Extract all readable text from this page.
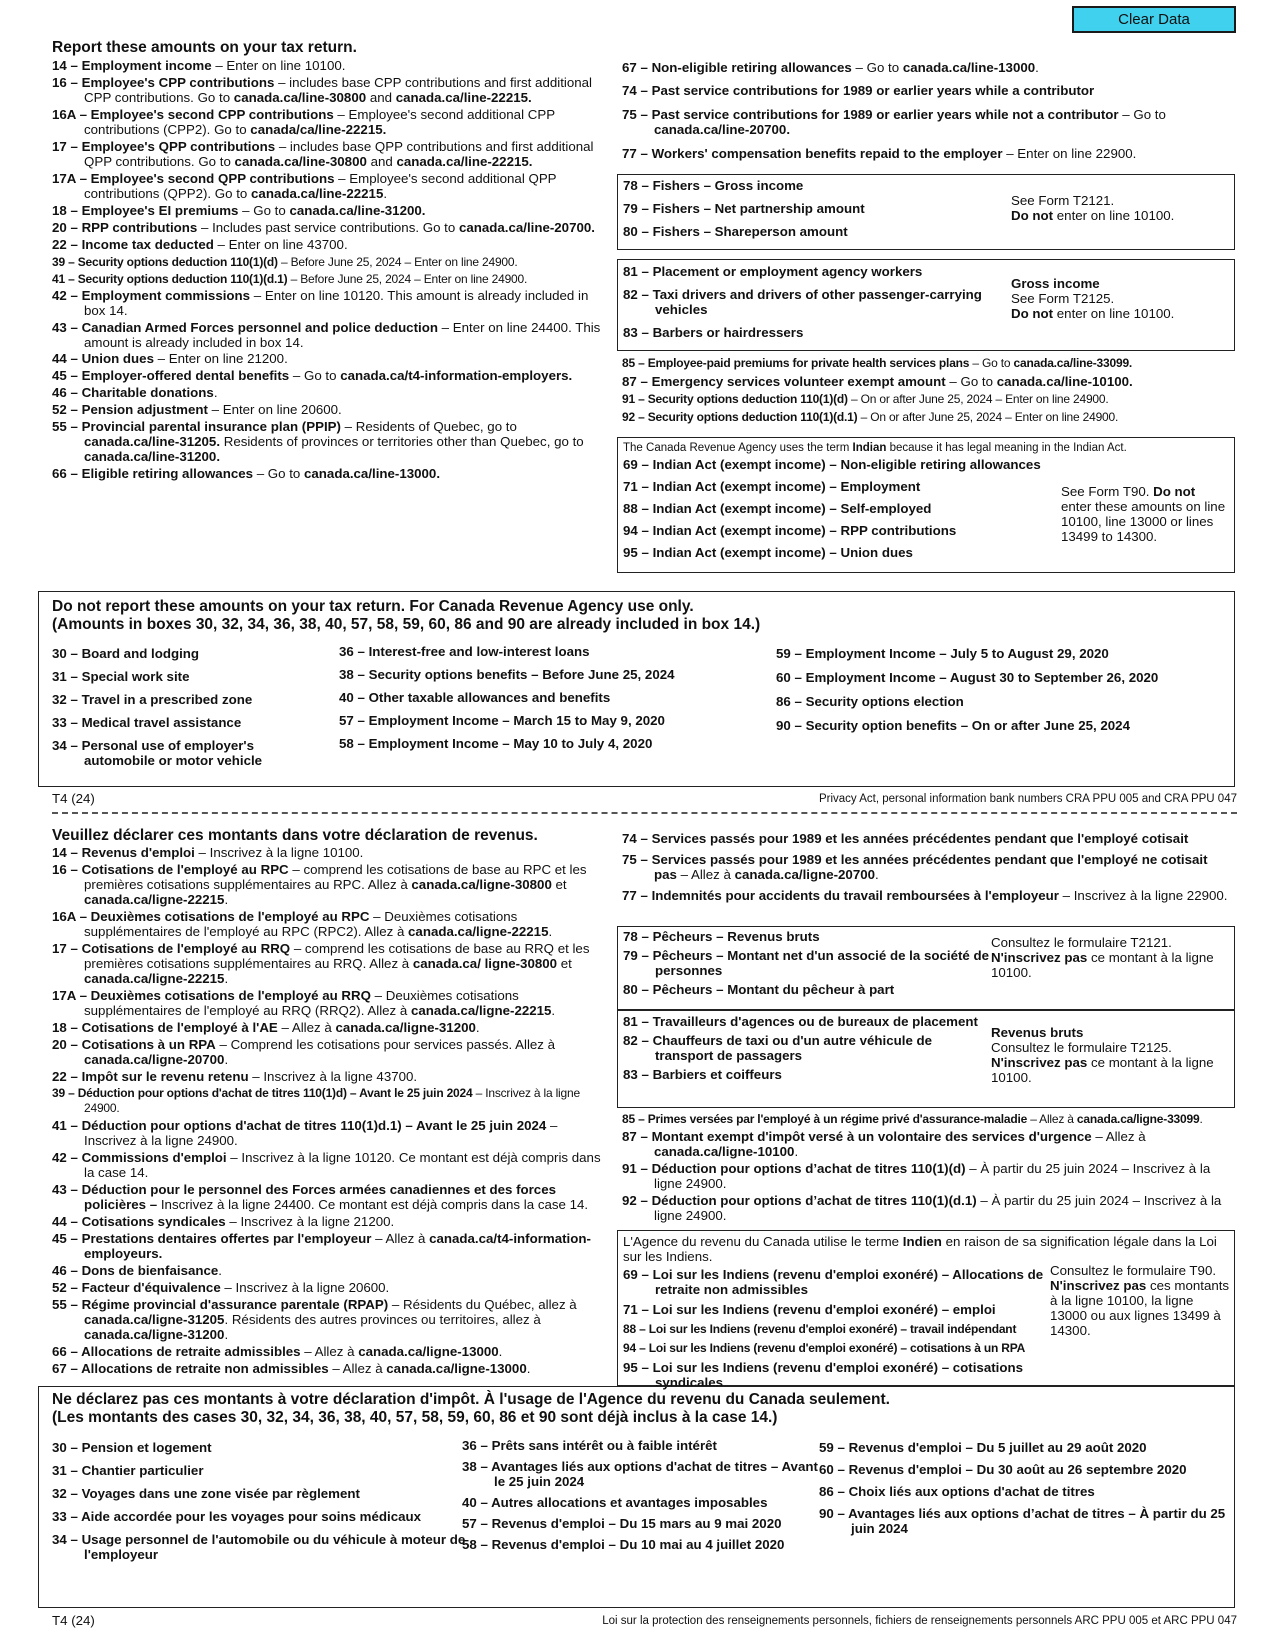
Clear Data
Report these amounts on your tax return.
14 – Employment income – Enter on line 10100.
16 – Employee's CPP contributions – includes base CPP contributions and first additional CPP contributions. Go to canada.ca/line-30800 and canada.ca/line-22215.
16A – Employee's second CPP contributions – Employee's second additional CPP contributions (CPP2). Go to canada/ca/line-22215.
17 – Employee's QPP contributions – includes base QPP contributions and first additional QPP contributions. Go to canada.ca/line-30800 and canada.ca/line-22215.
17A – Employee's second QPP contributions – Employee's second additional QPP contributions (QPP2). Go to canada.ca/line-22215.
18 – Employee's EI premiums – Go to canada.ca/line-31200.
20 – RPP contributions – Includes past service contributions. Go to canada.ca/line-20700.
22 – Income tax deducted – Enter on line 43700.
39 – Security options deduction 110(1)(d) – Before June 25, 2024 – Enter on line 24900.
41 – Security options deduction 110(1)(d.1) – Before June 25, 2024 – Enter on line 24900.
42 – Employment commissions – Enter on line 10120. This amount is already included in box 14.
43 – Canadian Armed Forces personnel and police deduction – Enter on line 24400. This amount is already included in box 14.
44 – Union dues – Enter on line 21200.
45 – Employer-offered dental benefits – Go to canada.ca/t4-information-employers.
46 – Charitable donations.
52 – Pension adjustment – Enter on line 20600.
55 – Provincial parental insurance plan (PPIP) – Residents of Quebec, go to canada.ca/line-31205. Residents of provinces or territories other than Quebec, go to canada.ca/line-31200.
66 – Eligible retiring allowances – Go to canada.ca/line-13000.
67 – Non-eligible retiring allowances – Go to canada.ca/line-13000.
74 – Past service contributions for 1989 or earlier years while a contributor
75 – Past service contributions for 1989 or earlier years while not a contributor – Go to canada.ca/line-20700.
77 – Workers' compensation benefits repaid to the employer – Enter on line 22900.
78 – Fishers – Gross income
79 – Fishers – Net partnership amount
80 – Fishers – Shareperson amount
See Form T2121.
Do not enter on line 10100.
81 – Placement or employment agency workers
82 – Taxi drivers and drivers of other passenger-carrying vehicles
83 – Barbers or hairdressers
Gross income
See Form T2125.
Do not enter on line 10100.
85 – Employee-paid premiums for private health services plans – Go to canada.ca/line-33099.
87 – Emergency services volunteer exempt amount – Go to canada.ca/line-10100.
91 – Security options deduction 110(1)(d) – On or after June 25, 2024 – Enter on line 24900.
92 – Security options deduction 110(1)(d.1) – On or after June 25, 2024 – Enter on line 24900.
The Canada Revenue Agency uses the term Indian because it has legal meaning in the Indian Act.
69 – Indian Act (exempt income) – Non-eligible retiring allowances
71 – Indian Act (exempt income) – Employment
88 – Indian Act (exempt income) – Self-employed
94 – Indian Act (exempt income) – RPP contributions
95 – Indian Act (exempt income) – Union dues
See Form T90. Do not enter these amounts on line 10100, line 13000 or lines 13499 to 14300.
Do not report these amounts on your tax return. For Canada Revenue Agency use only.
(Amounts in boxes 30, 32, 34, 36, 38, 40, 57, 58, 59, 60, 86 and 90 are already included in box 14.)
30 – Board and lodging
31 – Special work site
32 – Travel in a prescribed zone
33 – Medical travel assistance
34 – Personal use of employer's automobile or motor vehicle
36 – Interest-free and low-interest loans
38 – Security options benefits – Before June 25, 2024
40 – Other taxable allowances and benefits
57 – Employment Income – March 15 to May 9, 2020
58 – Employment Income – May 10 to July 4, 2020
59 – Employment Income – July 5 to August 29, 2020
60 – Employment Income – August 30 to September 26, 2020
86 – Security options election
90 – Security option benefits – On or after June 25, 2024
T4 (24)	Privacy Act, personal information bank numbers CRA PPU 005 and CRA PPU 047
Veuillez déclarer ces montants dans votre déclaration de revenus.
14 – Revenus d'emploi – Inscrivez à la ligne 10100.
16 – Cotisations de l'employé au RPC – comprend les cotisations de base au RPC et les premières cotisations supplémentaires au RPC. Allez à canada.ca/ligne-30800 et canada.ca/ligne-22215.
16A – Deuxièmes cotisations de l'employé au RPC – Deuxièmes cotisations supplémentaires de l'employé au RPC (RPC2). Allez à canada.ca/ligne-22215.
17 – Cotisations de l'employé au RRQ – comprend les cotisations de base au RRQ et les premières cotisations supplémentaires au RRQ. Allez à canada.ca/ ligne-30800 et canada.ca/ligne-22215.
17A – Deuxièmes cotisations de l'employé au RRQ – Deuxièmes cotisations supplémentaires de l'employé au RRQ (RRQ2). Allez à canada.ca/ligne-22215.
18 – Cotisations de l'employé à l'AE – Allez à canada.ca/ligne-31200.
20 – Cotisations à un RPA – Comprend les cotisations pour services passés. Allez à canada.ca/ligne-20700.
22 – Impôt sur le revenu retenu – Inscrivez à la ligne 43700.
39 – Déduction pour options d'achat de titres 110(1)d) – Avant le 25 juin 2024 – Inscrivez à la ligne 24900.
41 – Déduction pour options d'achat de titres 110(1)d.1) – Avant le 25 juin 2024 – Inscrivez à la ligne 24900.
42 – Commissions d'emploi – Inscrivez à la ligne 10120. Ce montant est déjà compris dans la case 14.
43 – Déduction pour le personnel des Forces armées canadiennes et des forces policières – Inscrivez à la ligne 24400. Ce montant est déjà compris dans la case 14.
44 – Cotisations syndicales – Inscrivez à la ligne 21200.
45 – Prestations dentaires offertes par l'employeur – Allez à canada.ca/t4-information-employeurs.
46 – Dons de bienfaisance.
52 – Facteur d'équivalence – Inscrivez à la ligne 20600.
55 – Régime provincial d'assurance parentale (RPAP) – Résidents du Québec, allez à canada.ca/ligne-31205. Résidents des autres provinces ou territoires, allez à canada.ca/ligne-31200.
66 – Allocations de retraite admissibles – Allez à canada.ca/ligne-13000.
67 – Allocations de retraite non admissibles – Allez à canada.ca/ligne-13000.
74 – Services passés pour 1989 et les années précédentes pendant que l'employé cotisait
75 – Services passés pour 1989 et les années précédentes pendant que l'employé ne cotisait pas – Allez à canada.ca/ligne-20700.
77 – Indemnités pour accidents du travail remboursées à l'employeur – Inscrivez à la ligne 22900.
78 – Pêcheurs – Revenus bruts
79 – Pêcheurs – Montant net d'un associé de la société de personnes
80 – Pêcheurs – Montant du pêcheur à part
Consultez le formulaire T2121.
N'inscrivez pas ce montant à la ligne 10100.
81 – Travailleurs d'agences ou de bureaux de placement
82 – Chauffeurs de taxi ou d'un autre véhicule de transport de passagers
83 – Barbiers et coiffeurs
Revenus bruts
Consultez le formulaire T2125.
N'inscrivez pas ce montant à la ligne 10100.
85 – Primes versées par l'employé à un régime privé d'assurance-maladie – Allez à canada.ca/ligne-33099.
87 – Montant exempt d'impôt versé à un volontaire des services d'urgence – Allez à canada.ca/ligne-10100.
91 – Déduction pour options d’achat de titres 110(1)(d) – À partir du 25 juin 2024 – Inscrivez à la ligne 24900.
92 – Déduction pour options d’achat de titres 110(1)(d.1) – À partir du 25 juin 2024 – Inscrivez à la ligne 24900.
L'Agence du revenu du Canada utilise le terme Indien en raison de sa signification légale dans la Loi sur les Indiens.
69 – Loi sur les Indiens (revenu d'emploi exonéré) – Allocations de retraite non admissibles
71 – Loi sur les Indiens (revenu d'emploi exonéré) – emploi
88 – Loi sur les Indiens (revenu d'emploi exonéré) – travail indépendant
94 – Loi sur les Indiens (revenu d'emploi exonéré) – cotisations à un RPA
95 – Loi sur les Indiens (revenu d'emploi exonéré) – cotisations syndicales
Consultez le formulaire T90. N'inscrivez pas ces montants à la ligne 10100, la ligne 13000 ou aux lignes 13499 à 14300.
Ne déclarez pas ces montants à votre déclaration d'impôt. À l'usage de l'Agence du revenu du Canada seulement.
(Les montants des cases 30, 32, 34, 36, 38, 40, 57, 58, 59, 60, 86 et 90 sont déjà inclus à la case 14.)
30 – Pension et logement
31 – Chantier particulier
32 – Voyages dans une zone visée par règlement
33 – Aide accordée pour les voyages pour soins médicaux
34 – Usage personnel de l'automobile ou du véhicule à moteur de l'employeur
36 – Prêts sans intérêt ou à faible intérêt
38 – Avantages liés aux options d'achat de titres – Avant le 25 juin 2024
40 – Autres allocations et avantages imposables
57 – Revenus d'emploi – Du 15 mars au 9 mai 2020
58 – Revenus d'emploi – Du 10 mai au 4 juillet 2020
59 – Revenus d'emploi – Du 5 juillet au 29 août 2020
60 – Revenus d'emploi – Du 30 août au 26 septembre 2020
86 – Choix liés aux options d'achat de titres
90 – Avantages liés aux options d’achat de titres – À partir du 25 juin 2024
T4 (24)	Loi sur la protection des renseignements personnels, fichiers de renseignements personnels ARC PPU 005 et ARC PPU 047
